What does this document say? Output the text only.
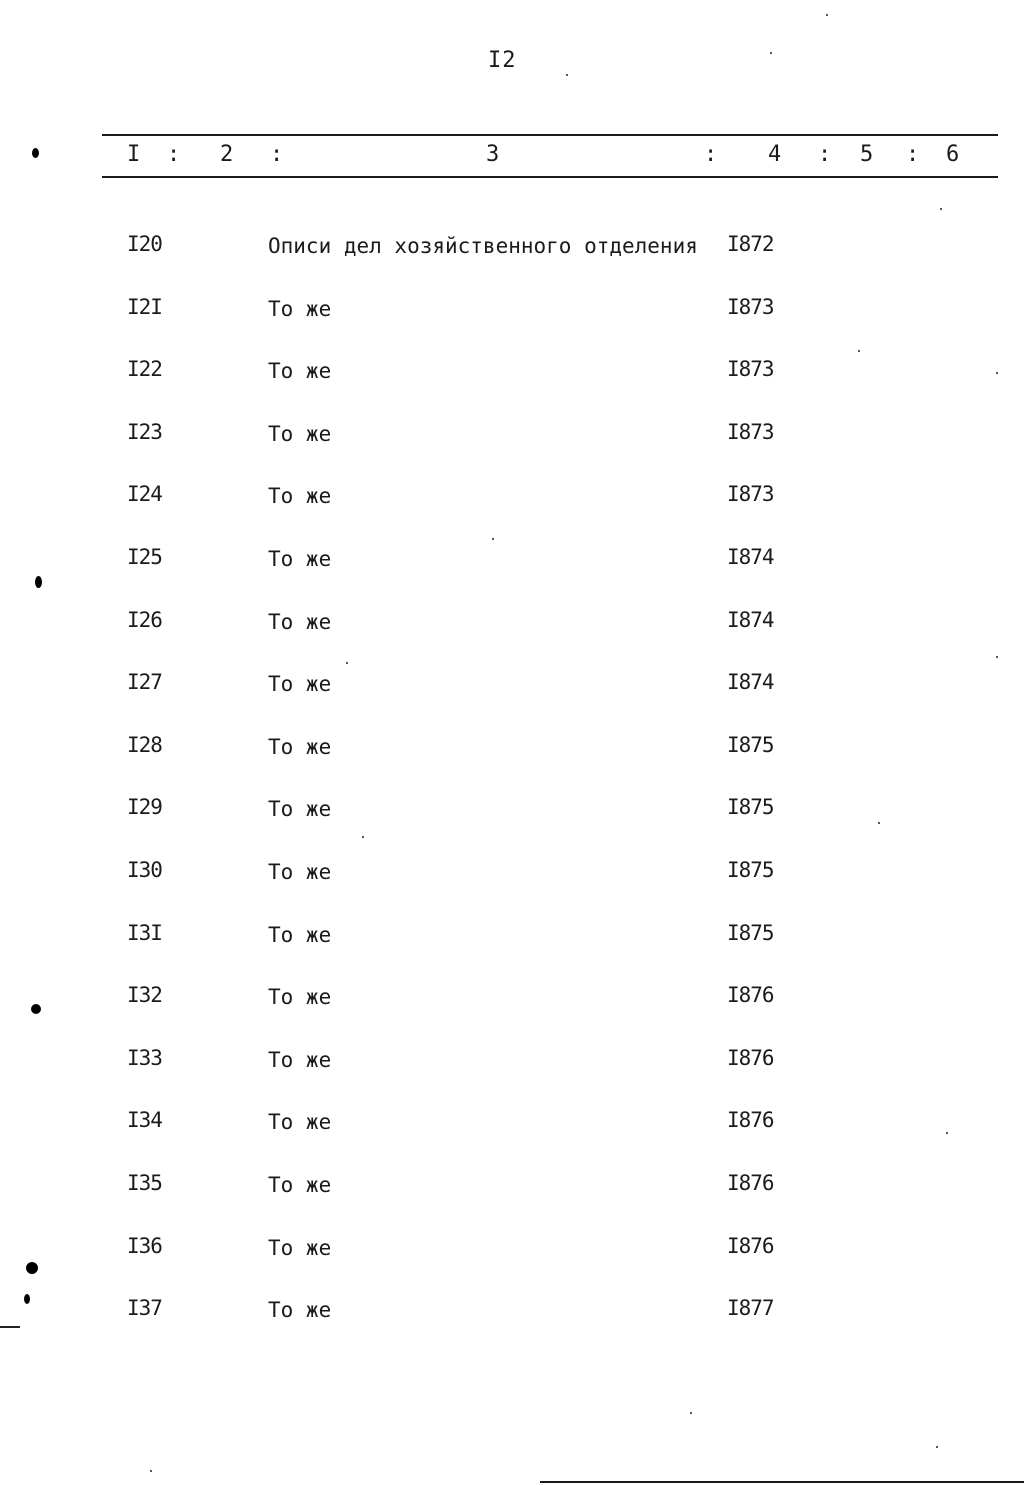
I2
I : 2 :	3	: 4 : 5 : 6
I20	Описи дел хозяйственного отделения I872
I2I	То же	I873
I22	То же	I873
I23	То же	I873
I24	То же	I873
I25	То же	I874
I26	То же	I874
I27	То же	I874
I28	То же	I875
I29	То же	I875
I30	То же	I875
I3I	То же	I875
I32	То же	I876
I33	То же	I876
I34	То же	I876
I35	То же	I876
I36	То же	I876
I37	То же	I877
